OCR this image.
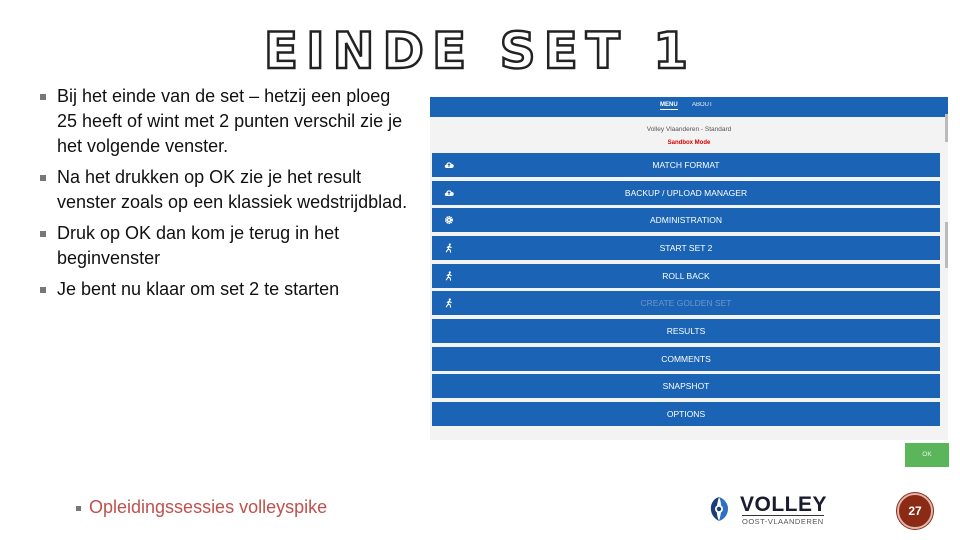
EINDE SET 1
Bij het einde van de set – hetzij een ploeg 25 heeft of wint met 2 punten verschil zie je het volgende venster.
Na het drukken op OK zie je het result venster zoals op een klassiek wedstrijdblad.
Druk op OK dan kom je terug in het beginvenster
Je bent nu klaar om set 2 te starten
MENU ABOUT
Volley Vlaanderen - Standard
Sandbox Mode
MATCH FORMAT
BACKUP / UPLOAD MANAGER
ADMINISTRATION
START SET 2
ROLL BACK
CREATE GOLDEN SET
RESULTS
COMMENTS
SNAPSHOT
OPTIONS
OK
Opleidingssessies volleyspike	VOLLEY
OOST-VLAANDEREN
27
